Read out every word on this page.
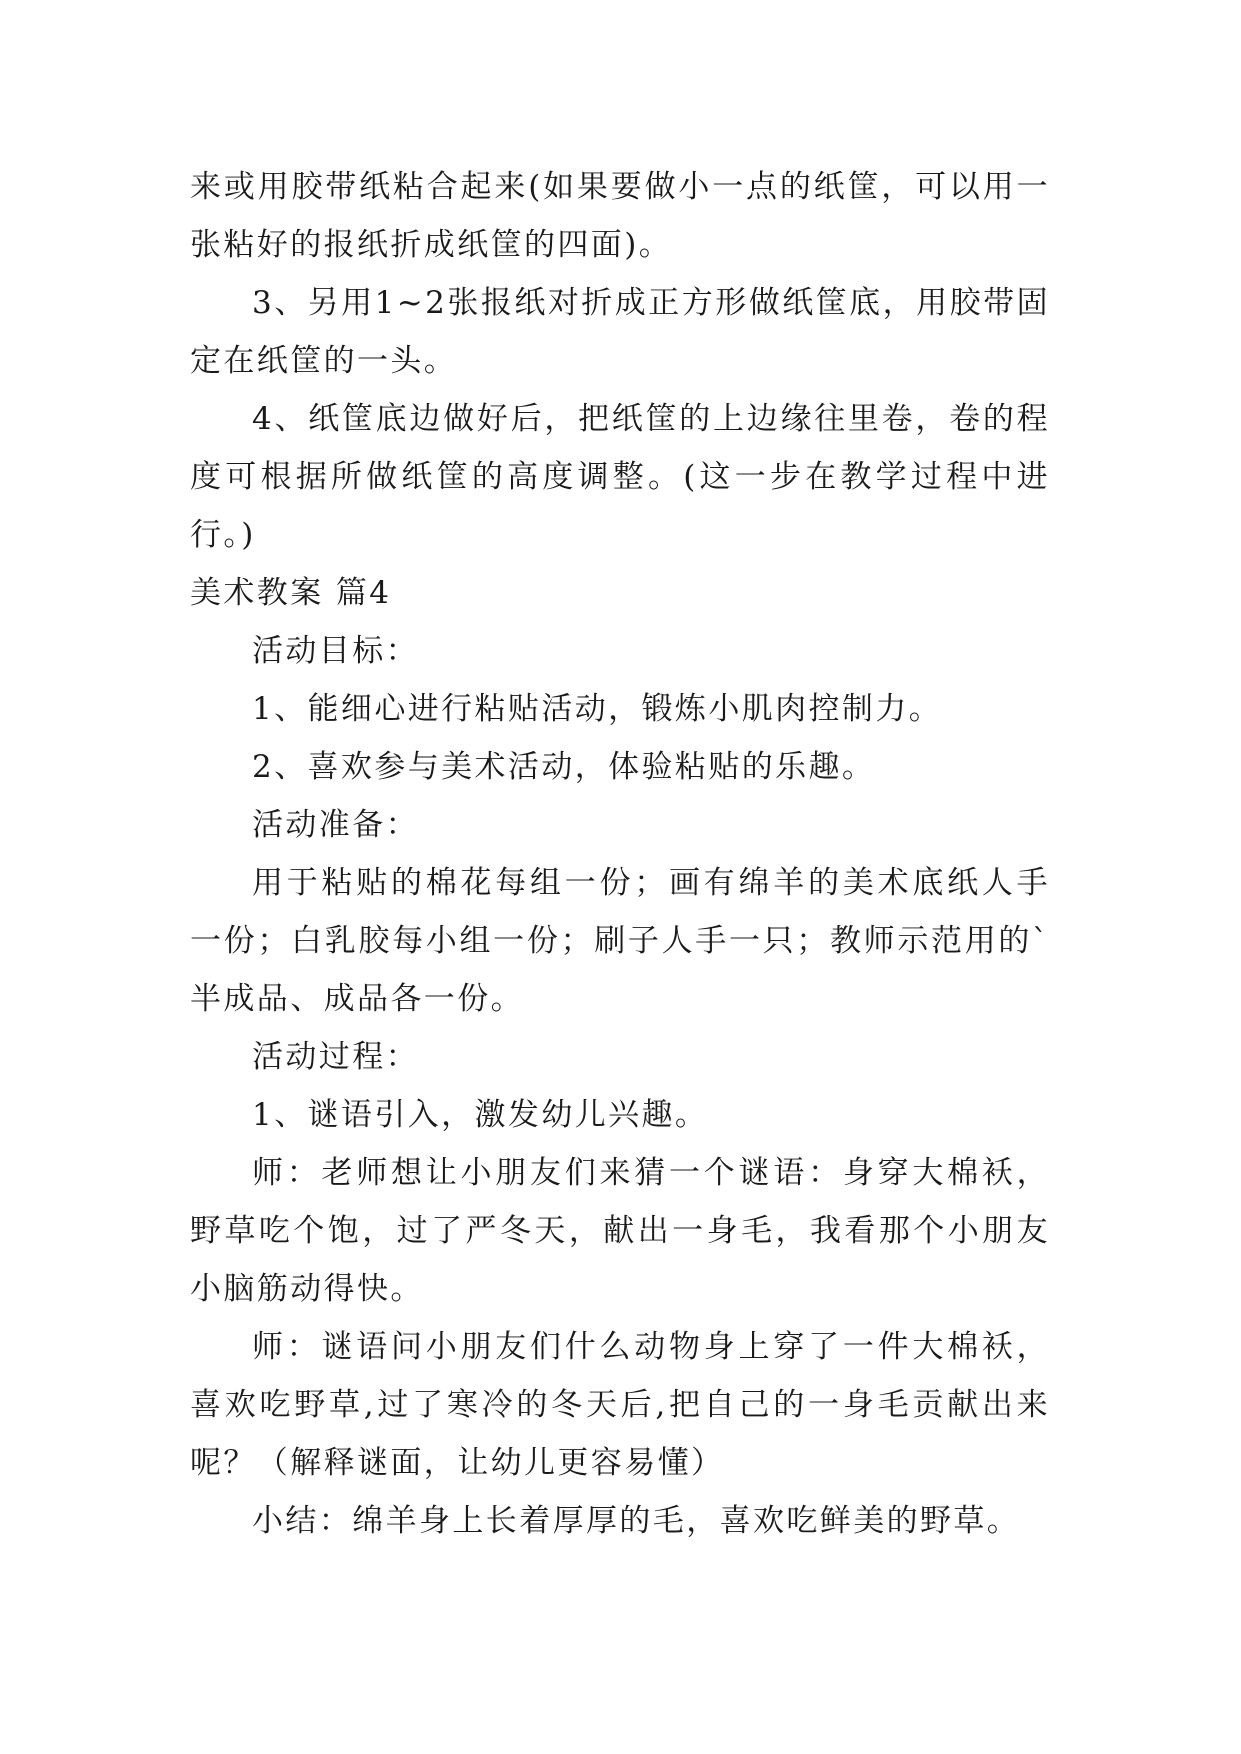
来或用胶带纸粘合起来(如果要做小一点的纸筐，可以用一张粘好的报纸折成纸筐的四面)。

3、另用1~2张报纸对折成正方形做纸筐底，用胶带固定在纸筐的一头。

4、纸筐底边做好后，把纸筐的上边缘往里卷，卷的程度可根据所做纸筐的高度调整。(这一步在教学过程中进行。)

美术教案 篇4

活动目标：

1、能细心进行粘贴活动，锻炼小肌肉控制力。

2、喜欢参与美术活动，体验粘贴的乐趣。

活动准备：

用于粘贴的棉花每组一份；画有绵羊的美术底纸人手一份；白乳胶每小组一份；刷子人手一只；教师示范用的`半成品、成品各一份。

活动过程：

1、谜语引入，激发幼儿兴趣。

师：老师想让小朋友们来猜一个谜语：身穿大棉袄，野草吃个饱，过了严冬天，献出一身毛，我看那个小朋友小脑筋动得快。

师：谜语问小朋友们什么动物身上穿了一件大棉袄，喜欢吃野草,过了寒冷的冬天后,把自己的一身毛贡献出来呢？（解释谜面，让幼儿更容易懂）

小结：绵羊身上长着厚厚的毛，喜欢吃鲜美的野草。
